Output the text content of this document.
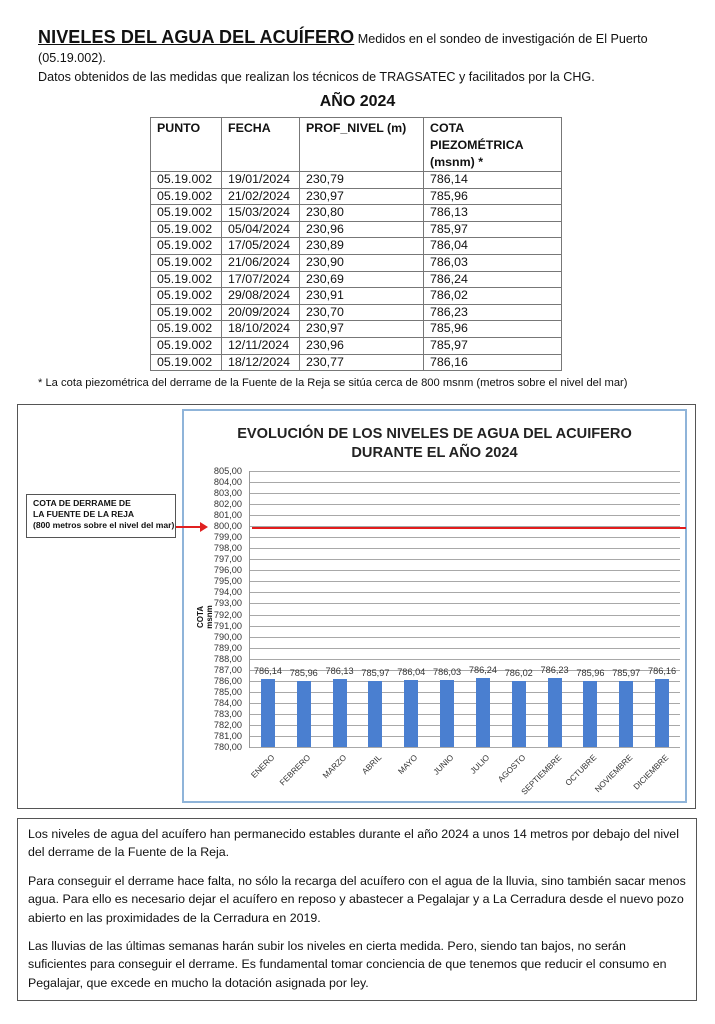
NIVELES DEL AGUA DEL ACUÍFERO Medidos en el sondeo de investigación de El Puerto (05.19.002).
Datos obtenidos de las medidas que realizan los técnicos de TRAGSATEC y facilitados por la CHG.
AÑO 2024
PUNTO	FECHA	PROF_NIVEL (m)	COTA PIEZOMÉTRICA (msnm) *
05.19.002	19/01/2024	230,79	786,14
05.19.002	21/02/2024	230,97	785,96
05.19.002	15/03/2024	230,80	786,13
05.19.002	05/04/2024	230,96	785,97
05.19.002	17/05/2024	230,89	786,04
05.19.002	21/06/2024	230,90	786,03
05.19.002	17/07/2024	230,69	786,24
05.19.002	29/08/2024	230,91	786,02
05.19.002	20/09/2024	230,70	786,23
05.19.002	18/10/2024	230,97	785,96
05.19.002	12/11/2024	230,96	785,97
05.19.002	18/12/2024	230,77	786,16
* La cota piezométrica del derrame de la Fuente de la Reja se sitúa cerca de 800 msnm (metros sobre el nivel del mar)
COTA DE DERRAME DE
LA FUENTE DE LA REJA
(800 metros sobre el nivel del mar)
EVOLUCIÓN DE LOS NIVELES DE AGUA DEL ACUIFERO
DURANTE EL AÑO 2024
COTA msnm
805,00
804,00
803,00
802,00
801,00
800,00
799,00
798,00
797,00
796,00
795,00
794,00
793,00
792,00
791,00
790,00
789,00
788,00
787,00
786,00
785,00
784,00
783,00
782,00
781,00
780,00
786,14
ENERO
785,96
FEBRERO
786,13
MARZO
785,97
ABRIL
786,04
MAYO
786,03
JUNIO
786,24
JULIO
786,02
AGOSTO
786,23
SEPTIEMBRE
785,96
OCTUBRE
785,97
NOVIEMBRE
786,16
DICIEMBRE

Los niveles de agua del acuífero han permanecido estables durante el año 2024 a unos 14 metros por debajo del nivel del derrame de la Fuente de la Reja.

Para conseguir el derrame hace falta, no sólo la recarga del acuífero con el agua de la lluvia, sino también sacar menos agua. Para ello es necesario dejar el acuífero en reposo y abastecer a Pegalajar y a La Cerradura desde el nuevo pozo abierto en las proximidades de la Cerradura en 2019.

Las lluvias de las últimas semanas harán subir los niveles en cierta medida. Pero, siendo tan bajos, no serán suficientes para conseguir el derrame. Es fundamental tomar conciencia de que tenemos que reducir el consumo en Pegalajar, que excede en mucho la dotación asignada por ley.
